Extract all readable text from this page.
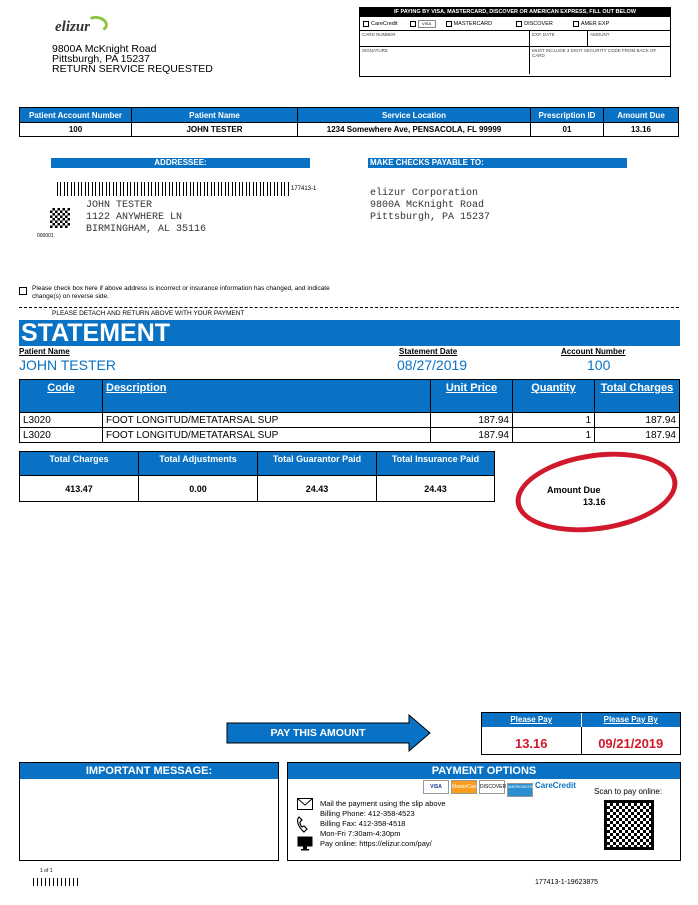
elizur
9800A McKnight Road
Pittsburgh, PA 15237
RETURN SERVICE REQUESTED
IF PAYING BY VISA, MASTERCARD, DISCOVER OR AMERICAN EXPRESS, FILL OUT BELOW
CareCredit	VISA	MASTERCARD	DISCOVER	AMER EXP
CARD NUMBER	EXP. DATE	AMOUNT
SIGNATURE	MUST INCLUDE 3 DIGIT SECURITY CODE FROM BACK OF CARD
Patient Account Number	Patient Name	Service Location	Prescription ID	Amount Due
100	JOHN TESTER	1234 Somewhere Ave, PENSACOLA, FL 99999	01	13.16
ADDRESSEE:
177413-1
000001
JOHN TESTER
1122 ANYWHERE LN
BIRMINGHAM, AL 35116
MAKE CHECKS PAYABLE TO:
elizur Corporation
9800A McKnight Road
Pittsburgh, PA 15237
Please check box here if above address is incorrect or insurance information has changed, and indicate change(s) on reverse side.
PLEASE DETACH AND RETURN ABOVE WITH YOUR PAYMENT
STATEMENT
Patient Name
JOHN TESTER
Statement Date
08/27/2019
Account Number
100
Code	Description	Unit Price	Quantity	Total Charges
L3020	FOOT LONGITUD/METATARSAL SUP	187.94	1	187.94
L3020	FOOT LONGITUD/METATARSAL SUP	187.94	1	187.94
Total Charges	Total Adjustments	Total Guarantor Paid	Total Insurance Paid
413.47	0.00	24.43	24.43	Amount Due
13.16
PAY THIS AMOUNT
Please Pay	Please Pay By
13.16	09/21/2019
IMPORTANT MESSAGE:	PAYMENT OPTIONS
VISA MasterCard DISCOVER AMERICAN EXPRESSCareCredit
Scan to pay online:
Mail the payment using the slip above
Billing Phone: 412-358-4523
Billing Fax: 412-358-4518
Mon-Fri 7:30am-4:30pm
Pay online: https://elizur.com/pay/
1 of 1
177413-1-19623875
